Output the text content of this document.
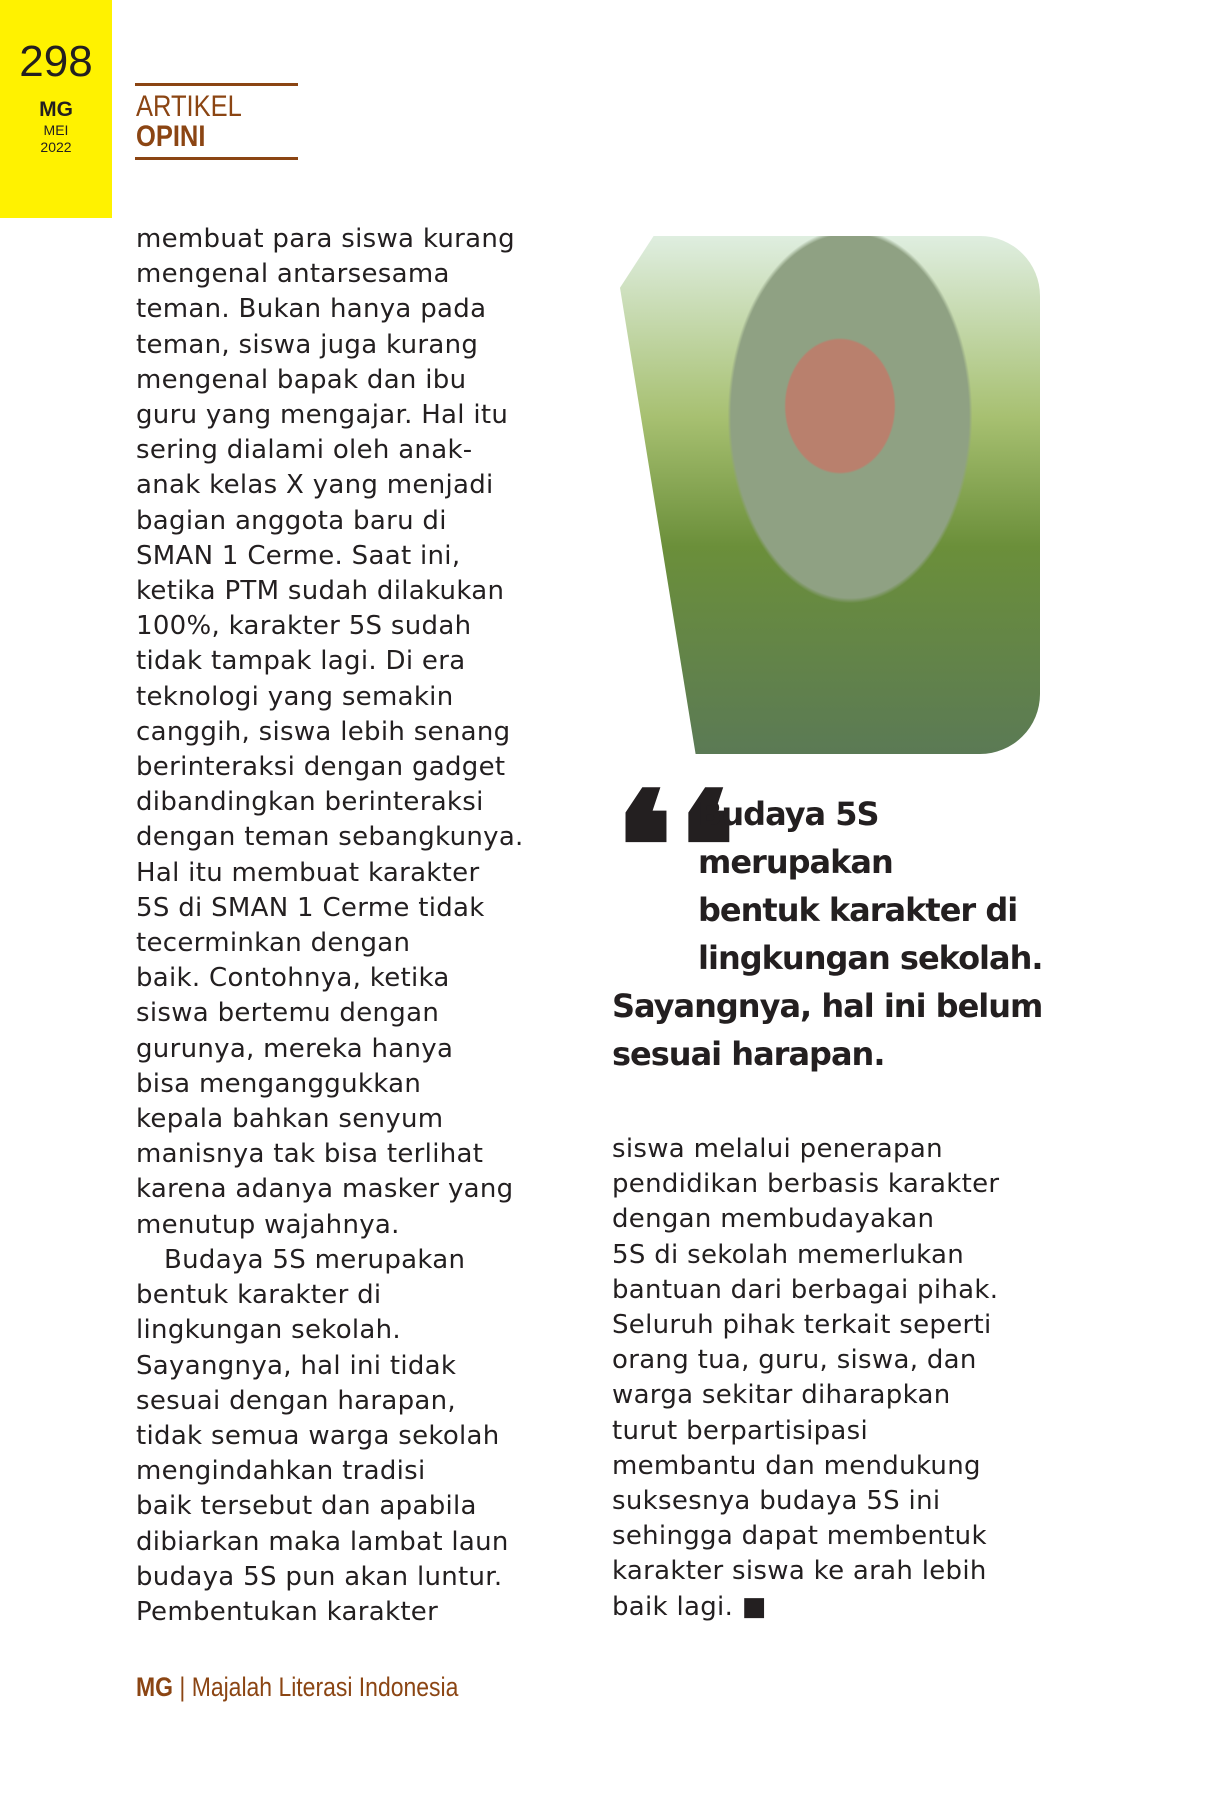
298
MG
MEI
2022
ARTIKEL
OPINI
membuat para siswa kurang
mengenal antarsesama
teman. Bukan hanya pada
teman, siswa juga kurang
mengenal bapak dan ibu
guru yang mengajar. Hal itu
sering dialami oleh anak-
anak kelas X yang menjadi
bagian anggota baru di
SMAN 1 Cerme. Saat ini,
ketika PTM sudah dilakukan
100%, karakter 5S sudah
tidak tampak lagi. Di era
teknologi yang semakin
canggih, siswa lebih senang
berinteraksi dengan gadget
dibandingkan berinteraksi
dengan teman sebangkunya.
Hal itu membuat karakter
5S di SMAN 1 Cerme tidak
tecerminkan dengan
baik. Contohnya, ketika
siswa bertemu dengan
gurunya, mereka hanya
bisa menganggukkan
kepala bahkan senyum
manisnya tak bisa terlihat
karena adanya masker yang
menutup wajahnya.
Budaya 5S merupakan
bentuk karakter di
lingkungan sekolah.
Sayangnya, hal ini tidak
sesuai dengan harapan,
tidak semua warga sekolah
mengindahkan tradisi
baik tersebut dan apabila
dibiarkan maka lambat laun
budaya 5S pun akan luntur.
Pembentukan karakter
❛❛
Budaya 5S
merupakan
bentuk karakter di
lingkungan sekolah.
Sayangnya, hal ini belum
sesuai harapan.
siswa melalui penerapan
pendidikan berbasis karakter
dengan membudayakan
5S di sekolah memerlukan
bantuan dari berbagai pihak.
Seluruh pihak terkait seperti
orang tua, guru, siswa, dan
warga sekitar diharapkan
turut berpartisipasi
membantu dan mendukung
suksesnya budaya 5S ini
sehingga dapat membentuk
karakter siswa ke arah lebih
baik lagi. ■
MG | Majalah Literasi Indonesia
